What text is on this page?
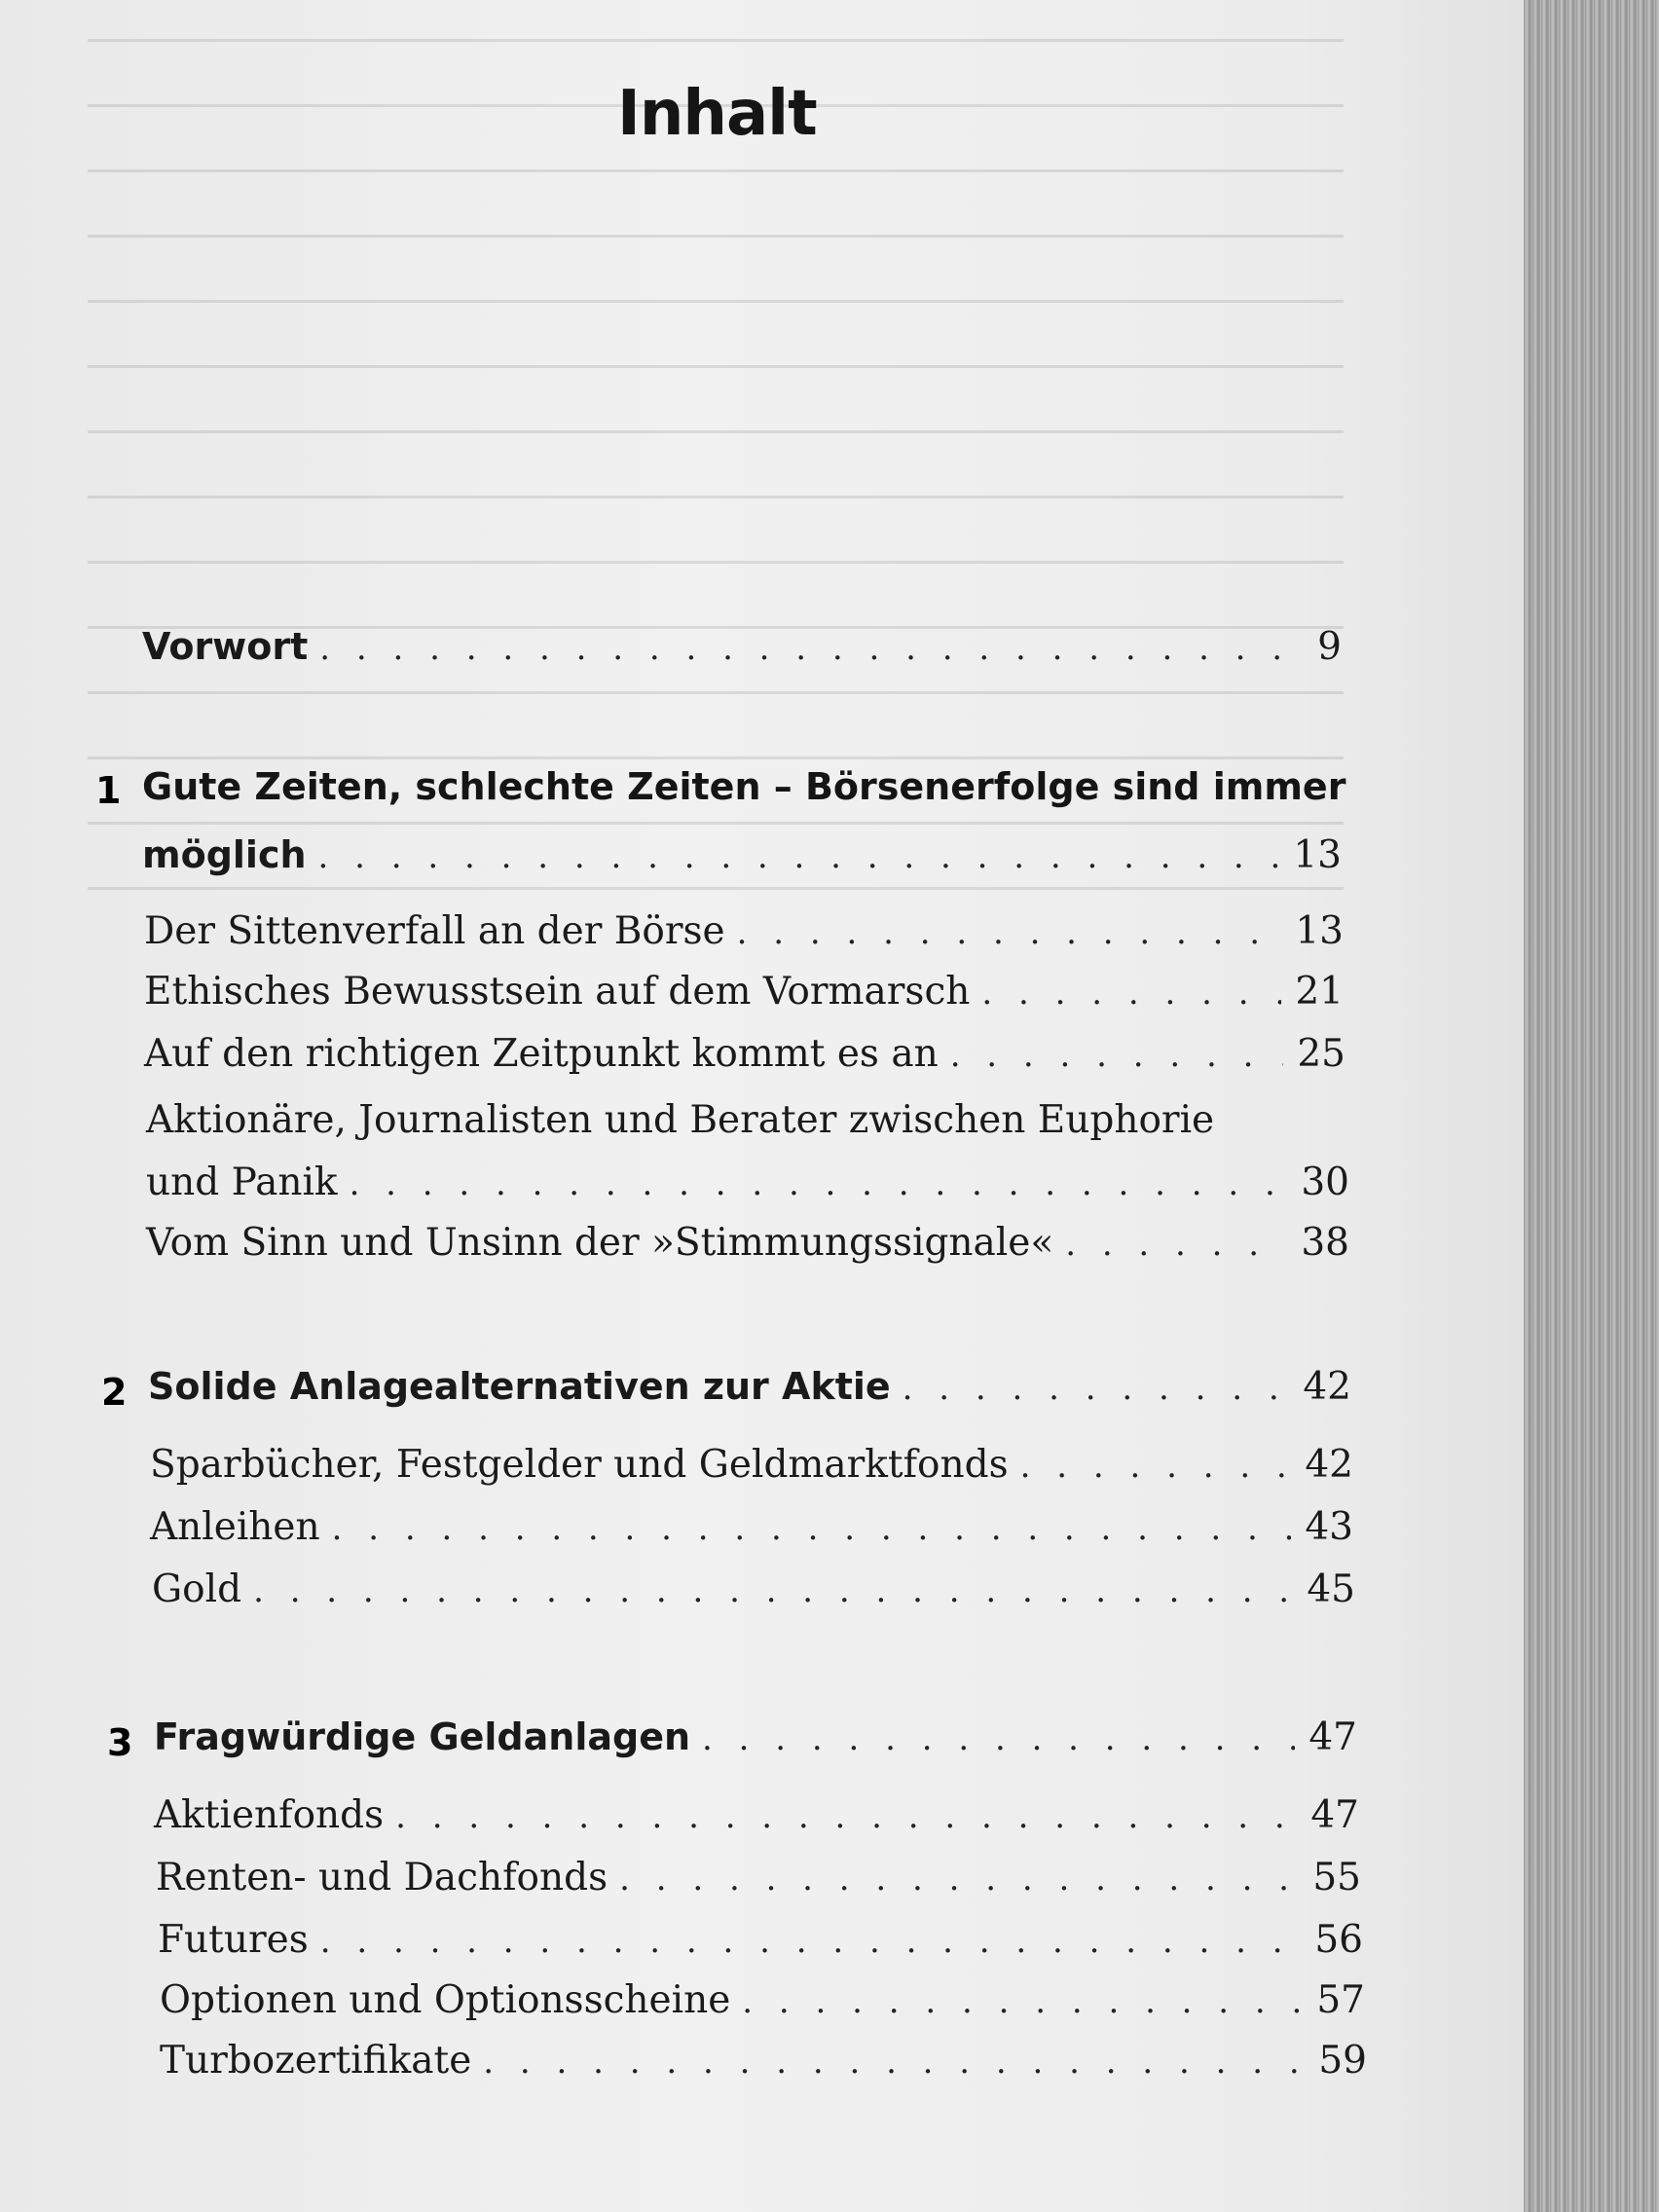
Inhalt
Vorwort . . .	9
1 Gute Zeiten, schlechte Zeiten – Börsenerfolge sind immer
möglich . . .	13
Der Sittenverfall an der Börse . . .	13
Ethisches Bewusstsein auf dem Vormarsch . . .	21
Auf den richtigen Zeitpunkt kommt es an . . .	25
Aktionäre, Journalisten und Berater zwischen Euphorie
und Panik . . .	30
Vom Sinn und Unsinn der »Stimmungssignale« . . .	38
2 Solide Anlagealternativen zur Aktie . . .	42
Sparbücher, Festgelder und Geldmarktfonds . . .	42
Anleihen . . .	43
Gold . . .	45
3 Fragwürdige Geldanlagen . . .	47
Aktienfonds . . .	47
Renten- und Dachfonds . . .	55
Futures . . .	56
Optionen und Optionsscheine . . .	57
Turbozertifikate . . .	59
